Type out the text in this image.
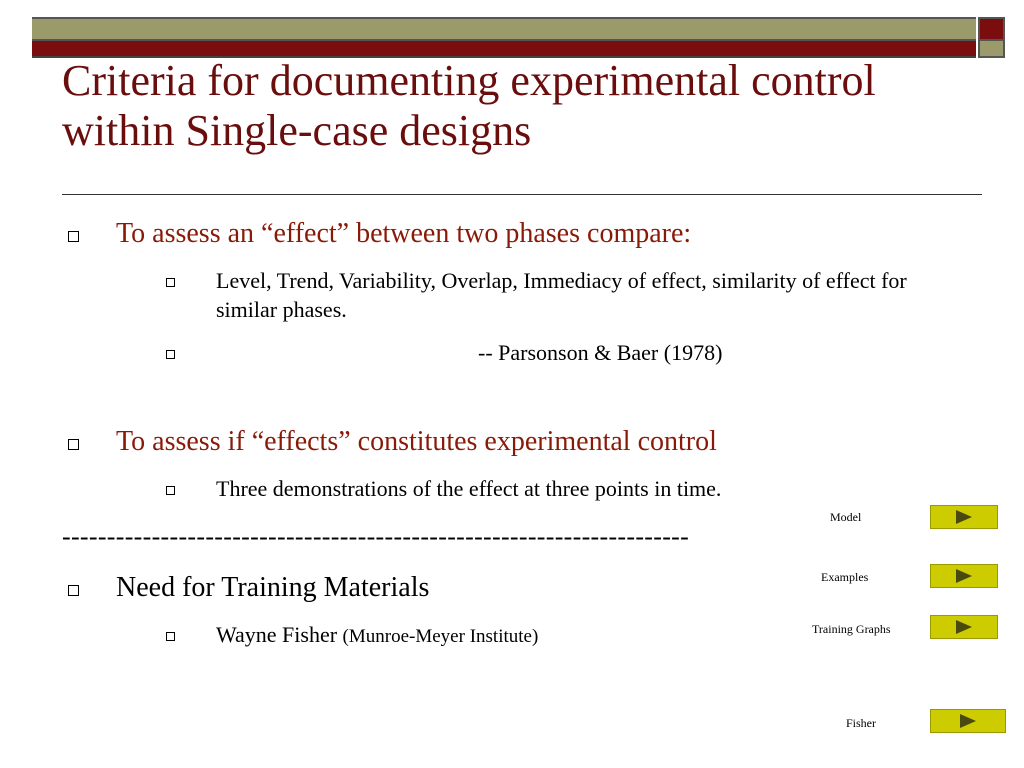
Criteria for documenting experimental control within Single-case designs
To assess an “effect” between two phases compare:
Level, Trend, Variability, Overlap, Immediacy of effect, similarity of effect for similar phases.
-- Parsonson & Baer (1978)
To assess if “effects” constitutes experimental control
Three demonstrations of the effect at three points in time.
----------------------------------------------------------------------
Need for Training Materials
Wayne Fisher (Munroe-Meyer Institute)
Model
Examples
Training Graphs
Fisher
